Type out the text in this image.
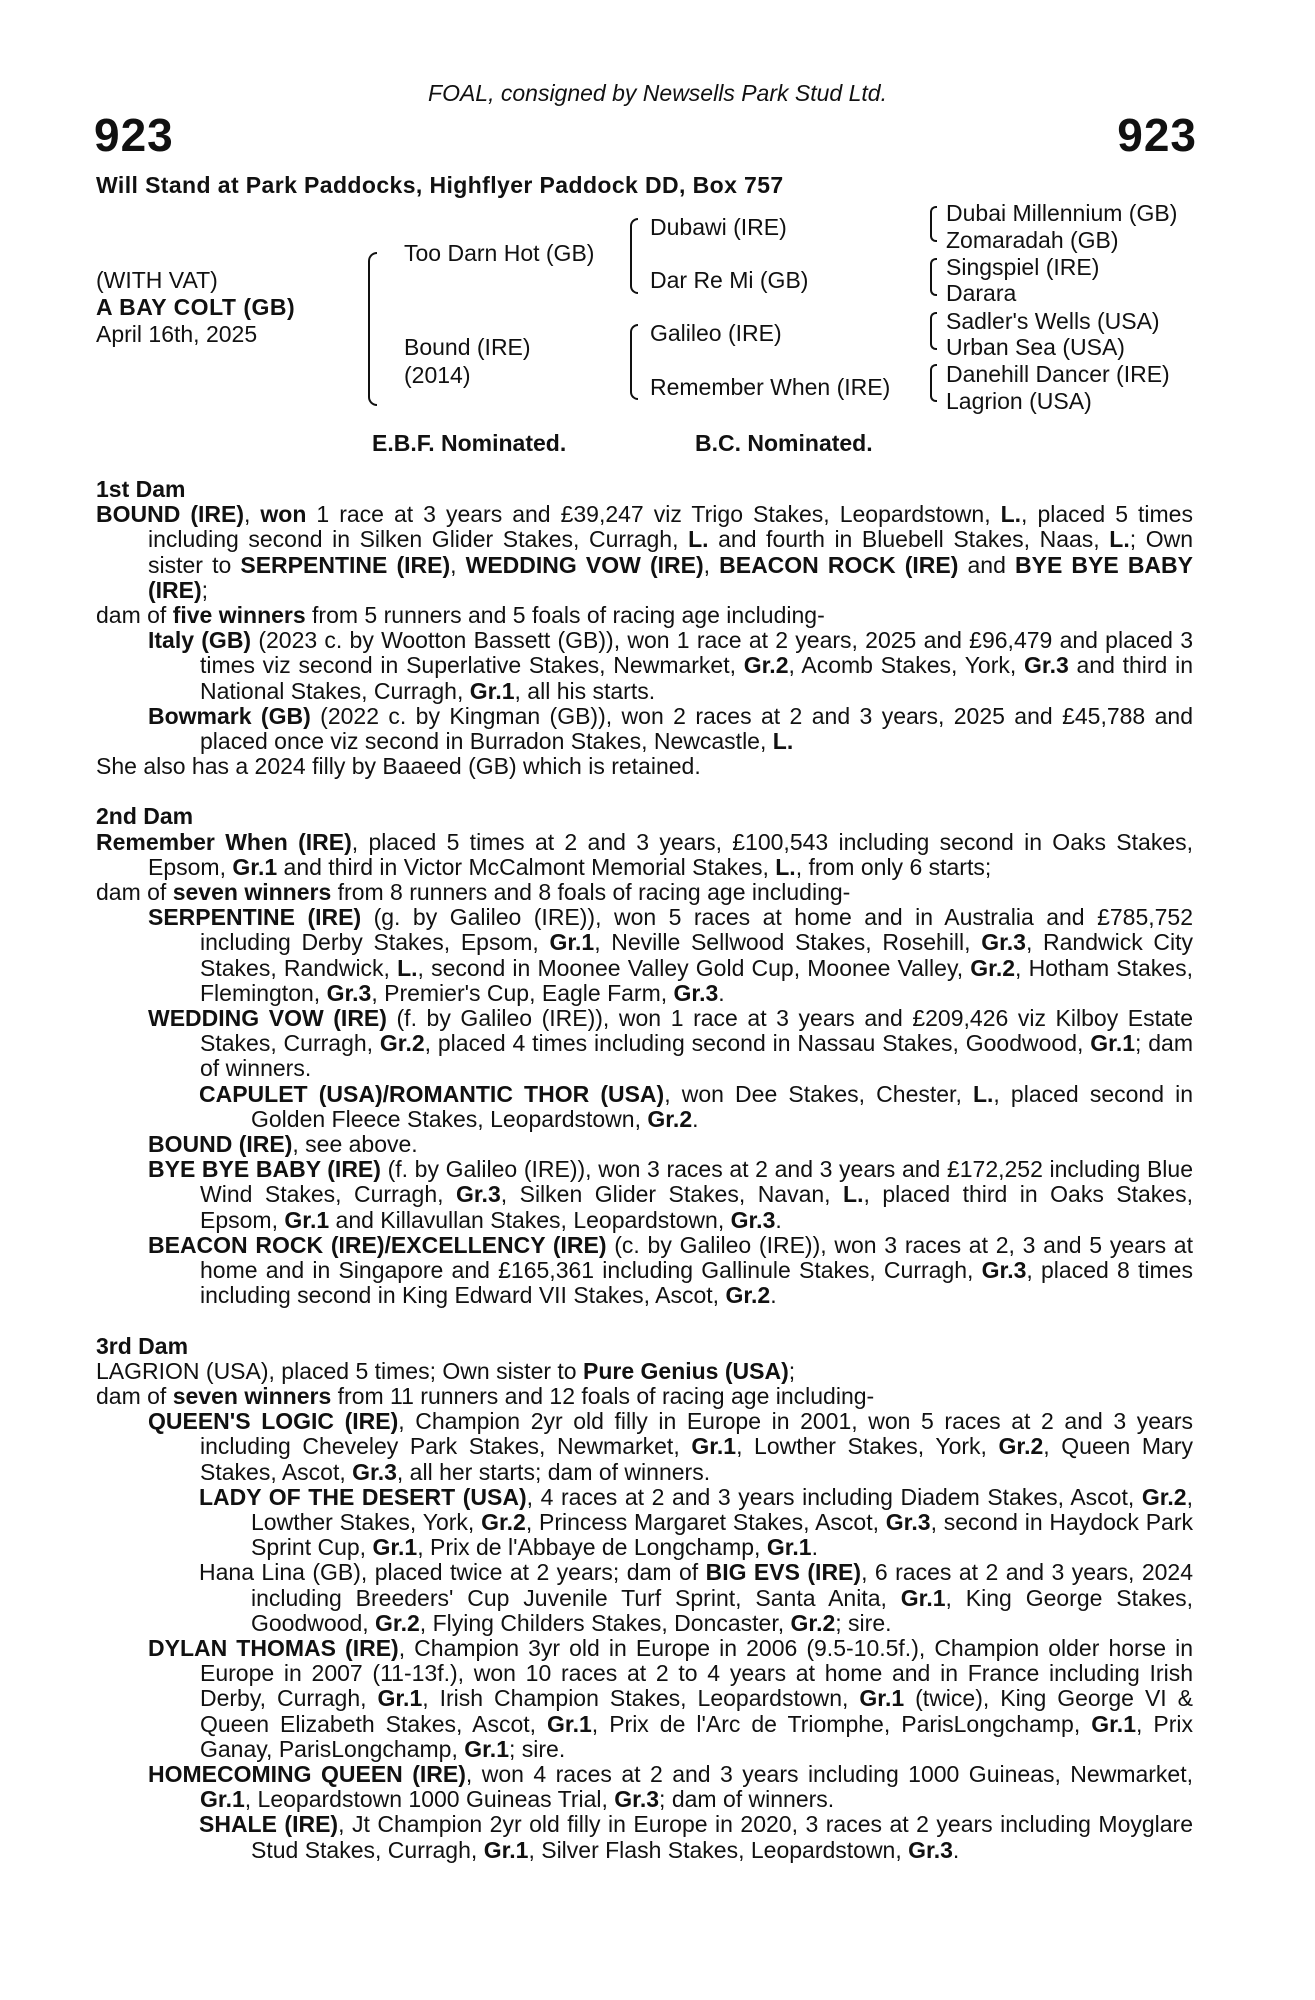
FOAL, consigned by Newsells Park Stud Ltd.
923	923
Will Stand at Park Paddocks, Highflyer Paddock DD, Box 757
(WITH VAT)
A BAY COLT (GB)
April 16th, 2025
Too Darn Hot (GB)
Bound (IRE)
(2014)
Dubawi (IRE)
Dar Re Mi (GB)
Galileo (IRE)
Remember When (IRE)
Dubai Millennium (GB)
Zomaradah (GB)
Singspiel (IRE)
Darara
Sadler's Wells (USA)
Urban Sea (USA)
Danehill Dancer (IRE)
Lagrion (USA)
E.B.F. Nominated.	B.C. Nominated.

1st Dam

BOUND (IRE), won 1 race at 3 years and £39,247 viz Trigo Stakes, Leopardstown, L., placed 5 times including second in Silken Glider Stakes, Curragh, L. and fourth in Bluebell Stakes, Naas, L.; Own sister to SERPENTINE (IRE), WEDDING VOW (IRE), BEACON ROCK (IRE) and BYE BYE BABY (IRE);

dam of five winners from 5 runners and 5 foals of racing age including-

Italy (GB) (2023 c. by Wootton Bassett (GB)), won 1 race at 2 years, 2025 and £96,479 and placed 3 times viz second in Superlative Stakes, Newmarket, Gr.2, Acomb Stakes, York, Gr.3 and third in National Stakes, Curragh, Gr.1, all his starts.

Bowmark (GB) (2022 c. by Kingman (GB)), won 2 races at 2 and 3 years, 2025 and £45,788 and placed once viz second in Burradon Stakes, Newcastle, L.

She also has a 2024 filly by Baaeed (GB) which is retained.

2nd Dam

Remember When (IRE), placed 5 times at 2 and 3 years, £100,543 including second in Oaks Stakes, Epsom, Gr.1 and third in Victor McCalmont Memorial Stakes, L., from only 6 starts;

dam of seven winners from 8 runners and 8 foals of racing age including-

SERPENTINE (IRE) (g. by Galileo (IRE)), won 5 races at home and in Australia and £785,752 including Derby Stakes, Epsom, Gr.1, Neville Sellwood Stakes, Rosehill, Gr.3, Randwick City Stakes, Randwick, L., second in Moonee Valley Gold Cup, Moonee Valley, Gr.2, Hotham Stakes, Flemington, Gr.3, Premier's Cup, Eagle Farm, Gr.3.

WEDDING VOW (IRE) (f. by Galileo (IRE)), won 1 race at 3 years and £209,426 viz Kilboy Estate Stakes, Curragh, Gr.2, placed 4 times including second in Nassau Stakes, Goodwood, Gr.1; dam of winners.

CAPULET (USA)/ROMANTIC THOR (USA), won Dee Stakes, Chester, L., placed second in Golden Fleece Stakes, Leopardstown, Gr.2.

BOUND (IRE), see above.

BYE BYE BABY (IRE) (f. by Galileo (IRE)), won 3 races at 2 and 3 years and £172,252 including Blue Wind Stakes, Curragh, Gr.3, Silken Glider Stakes, Navan, L., placed third in Oaks Stakes, Epsom, Gr.1 and Killavullan Stakes, Leopardstown, Gr.3.

BEACON ROCK (IRE)/EXCELLENCY (IRE) (c. by Galileo (IRE)), won 3 races at 2, 3 and 5 years at home and in Singapore and £165,361 including Gallinule Stakes, Curragh, Gr.3, placed 8 times including second in King Edward VII Stakes, Ascot, Gr.2.

3rd Dam

LAGRION (USA), placed 5 times; Own sister to Pure Genius (USA);

dam of seven winners from 11 runners and 12 foals of racing age including-

QUEEN'S LOGIC (IRE), Champion 2yr old filly in Europe in 2001, won 5 races at 2 and 3 years including Cheveley Park Stakes, Newmarket, Gr.1, Lowther Stakes, York, Gr.2, Queen Mary Stakes, Ascot, Gr.3, all her starts; dam of winners.

LADY OF THE DESERT (USA), 4 races at 2 and 3 years including Diadem Stakes, Ascot, Gr.2, Lowther Stakes, York, Gr.2, Princess Margaret Stakes, Ascot, Gr.3, second in Haydock Park Sprint Cup, Gr.1, Prix de l'Abbaye de Longchamp, Gr.1.

Hana Lina (GB), placed twice at 2 years; dam of BIG EVS (IRE), 6 races at 2 and 3 years, 2024 including Breeders' Cup Juvenile Turf Sprint, Santa Anita, Gr.1, King George Stakes, Goodwood, Gr.2, Flying Childers Stakes, Doncaster, Gr.2; sire.

DYLAN THOMAS (IRE), Champion 3yr old in Europe in 2006 (9.5-10.5f.), Champion older horse in Europe in 2007 (11-13f.), won 10 races at 2 to 4 years at home and in France including Irish Derby, Curragh, Gr.1, Irish Champion Stakes, Leopardstown, Gr.1 (twice), King George VI & Queen Elizabeth Stakes, Ascot, Gr.1, Prix de l'Arc de Triomphe, ParisLongchamp, Gr.1, Prix Ganay, ParisLongchamp, Gr.1; sire.

HOMECOMING QUEEN (IRE), won 4 races at 2 and 3 years including 1000 Guineas, Newmarket, Gr.1, Leopardstown 1000 Guineas Trial, Gr.3; dam of winners.

SHALE (IRE), Jt Champion 2yr old filly in Europe in 2020, 3 races at 2 years including Moyglare Stud Stakes, Curragh, Gr.1, Silver Flash Stakes, Leopardstown, Gr.3.
